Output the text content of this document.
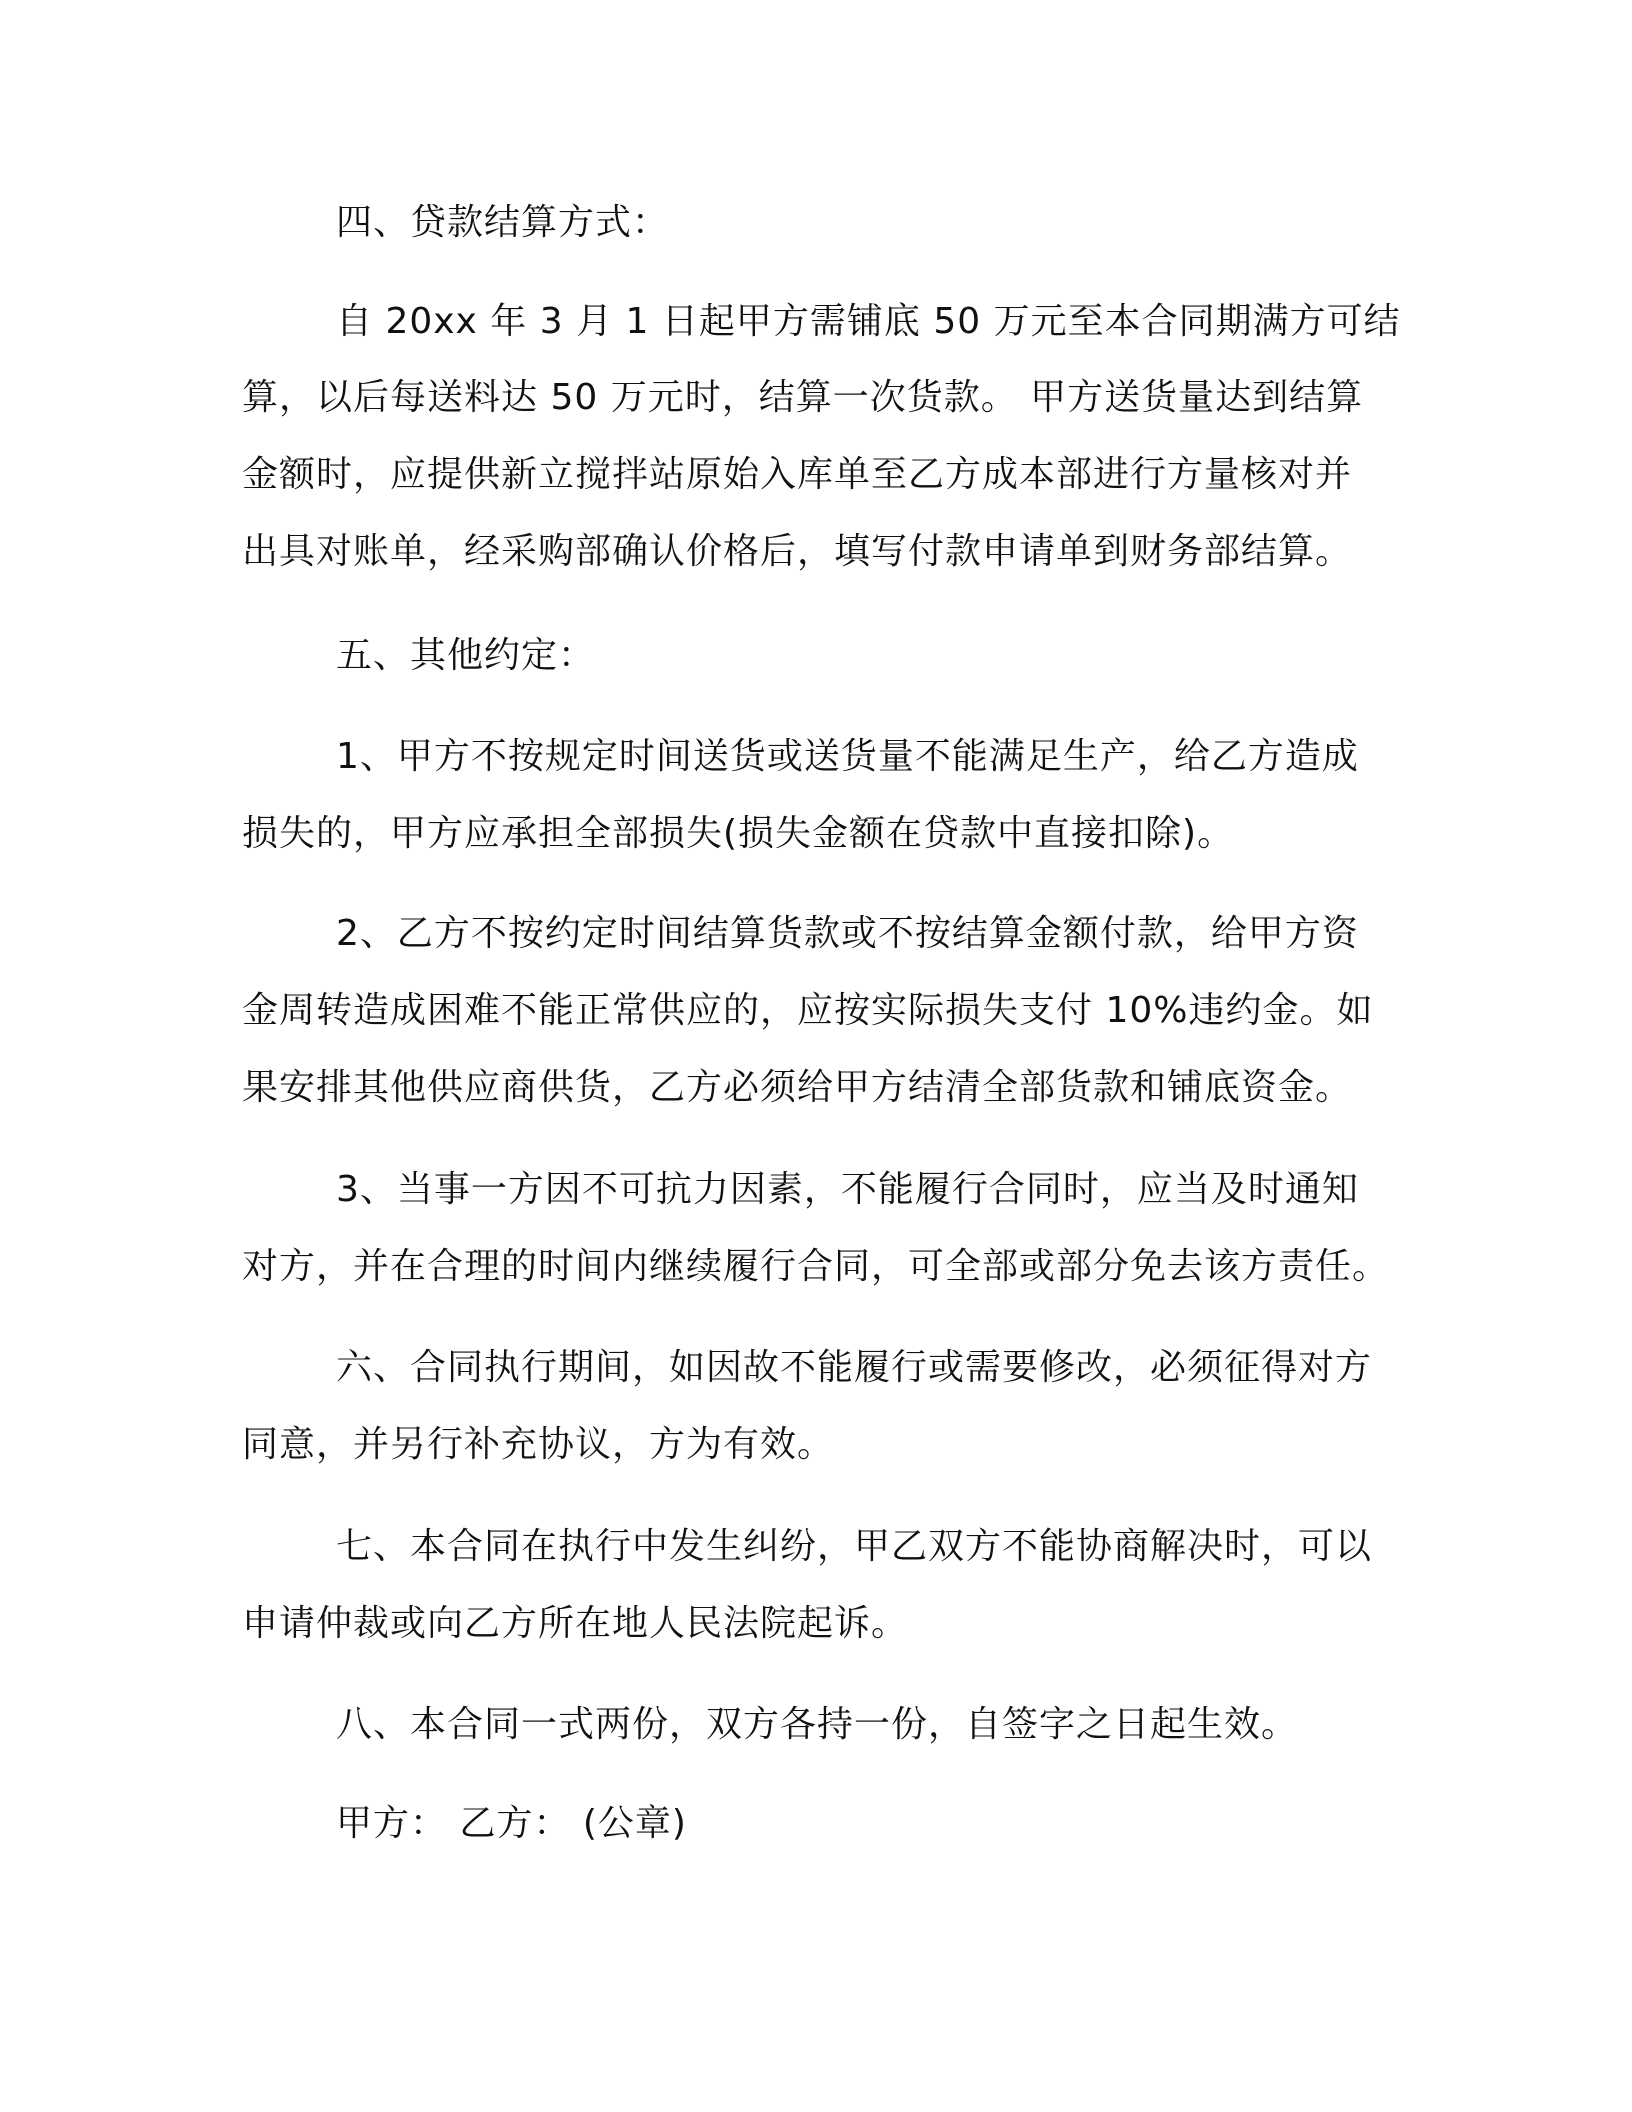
四、贷款结算方式：
自 20xx 年 3 月 1 日起甲方需铺底 50 万元至本合同期满方可结
算，以后每送料达 50 万元时，结算一次货款。 甲方送货量达到结算
金额时，应提供新立搅拌站原始入库单至乙方成本部进行方量核对并
出具对账单，经采购部确认价格后，填写付款申请单到财务部结算。
五、其他约定：
1、甲方不按规定时间送货或送货量不能满足生产，给乙方造成
损失的，甲方应承担全部损失(损失金额在贷款中直接扣除)。
2、乙方不按约定时间结算货款或不按结算金额付款，给甲方资
金周转造成困难不能正常供应的，应按实际损失支付 10%违约金。如
果安排其他供应商供货，乙方必须给甲方结清全部货款和铺底资金。
3、当事一方因不可抗力因素，不能履行合同时，应当及时通知
对方，并在合理的时间内继续履行合同，可全部或部分免去该方责任。
六、合同执行期间，如因故不能履行或需要修改，必须征得对方
同意，并另行补充协议，方为有效。
七、本合同在执行中发生纠纷，甲乙双方不能协商解决时，可以
申请仲裁或向乙方所在地人民法院起诉。
八、本合同一式两份，双方各持一份，自签字之日起生效。
甲方： 乙方： (公章)
